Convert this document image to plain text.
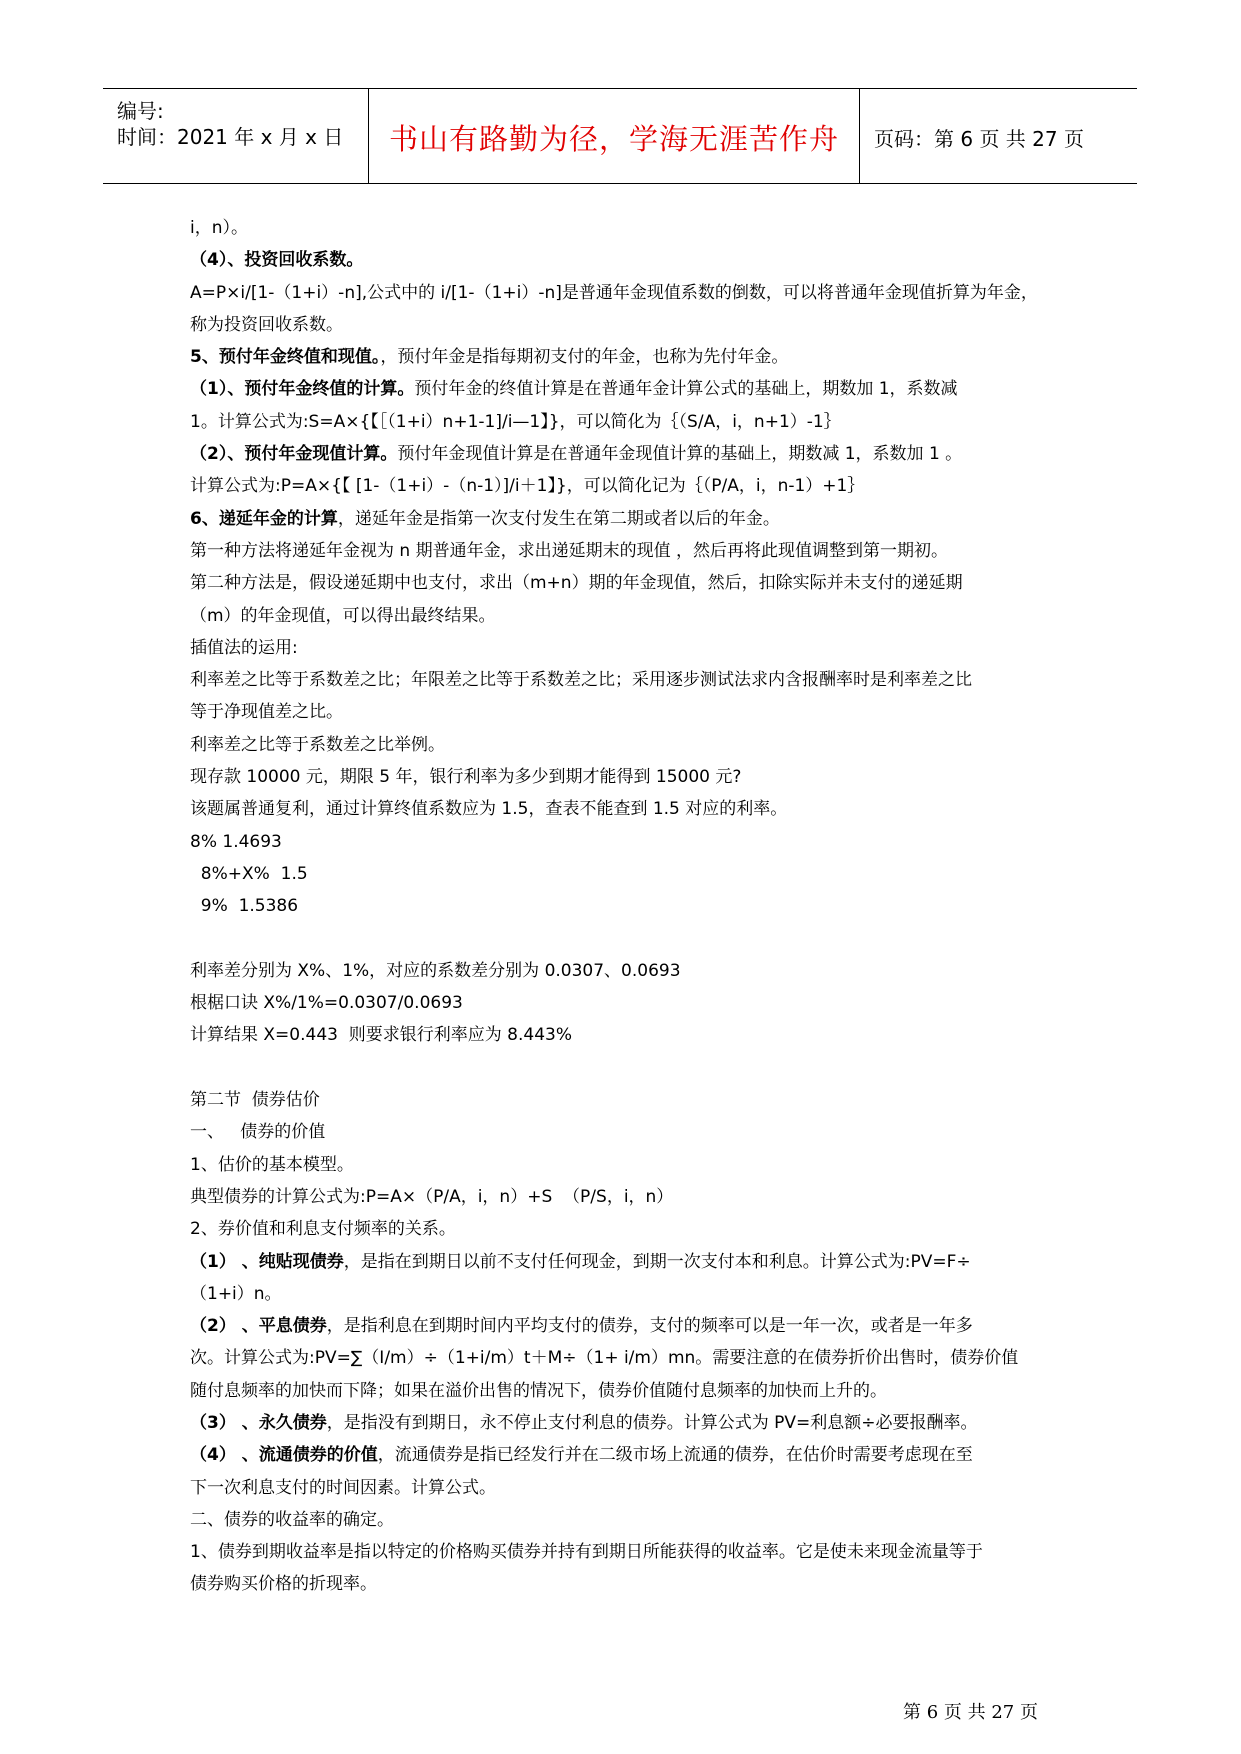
编号:
时间：2021 年 x 月 x 日	书山有路勤为径，学海无涯苦作舟	页码：第 6 页 共 27 页
i，n）。
（4）、投资回收系数。
A=P×i/[1-（1+i）-n],公式中的 i/[1-（1+i）-n]是普通年金现值系数的倒数，可以将普通年金现值折算为年金，
称为投资回收系数。
5、预付年金终值和现值。，预付年金是指每期初支付的年金，也称为先付年金。
（1）、预付年金终值的计算。预付年金的终值计算是在普通年金计算公式的基础上，期数加 1，系数减
1。计算公式为:S=A×{【［（1+i）n+1-1]/i—1】}，可以简化为｛（S/A，i，n+1）-1｝
（2）、预付年金现值计算。预付年金现值计算是在普通年金现值计算的基础上，期数减 1，系数加 1 。
计算公式为:P=A×{【 [1-（1+i）-（n-1）]/i＋1】}，可以简化记为｛（P/A，i，n-1）+1｝
6、递延年金的计算，递延年金是指第一次支付发生在第二期或者以后的年金。
第一种方法将递延年金视为 n 期普通年金，求出递延期末的现值 ，然后再将此现值调整到第一期初。
第二种方法是，假设递延期中也支付，求出（m+n）期的年金现值，然后，扣除实际并未支付的递延期
（m）的年金现值，可以得出最终结果。
插值法的运用:
利率差之比等于系数差之比；年限差之比等于系数差之比；采用逐步测试法求内含报酬率时是利率差之比
等于净现值差之比。
利率差之比等于系数差之比举例。
现存款 10000 元，期限 5 年，银行利率为多少到期才能得到 15000 元?
该题属普通复利，通过计算终值系数应为 1.5，查表不能查到 1.5 对应的利率。
8% 1.4693
8%+X%  1.5
9%  1.5386
利率差分别为 X%、1%，对应的系数差分别为 0.0307、0.0693
根椐口诀 X%/1%=0.0307/0.0693
计算结果 X=0.443  则要求银行利率应为 8.443%
第二节  债券估价
一、   债券的价值
1、估价的基本模型。
典型债券的计算公式为:P=A×（P/A，i，n）+S  （P/S，i，n）
2、券价值和利息支付频率的关系。
（1） 、纯贴现债券，是指在到期日以前不支付任何现金，到期一次支付本和利息。计算公式为:PV=F÷
（1+i）n。
（2） 、平息债券，是指利息在到期时间内平均支付的债券，支付的频率可以是一年一次，或者是一年多
次。计算公式为:PV=∑（I/m）÷（1+i/m）t＋M÷（1+ i/m）mn。需要注意的在债券折价出售时，债券价值
随付息频率的加快而下降；如果在溢价出售的情况下，债券价值随付息频率的加快而上升的。
（3） 、永久债券，是指没有到期日，永不停止支付利息的债券。计算公式为 PV=利息额÷必要报酬率。
（4） 、流通债券的价值，流通债券是指已经发行并在二级市场上流通的债券，在估价时需要考虑现在至
下一次利息支付的时间因素。计算公式。
二、债券的收益率的确定。
1、债券到期收益率是指以特定的价格购买债券并持有到期日所能获得的收益率。它是使未来现金流量等于
债券购买价格的折现率。
第 6 页 共 27 页
